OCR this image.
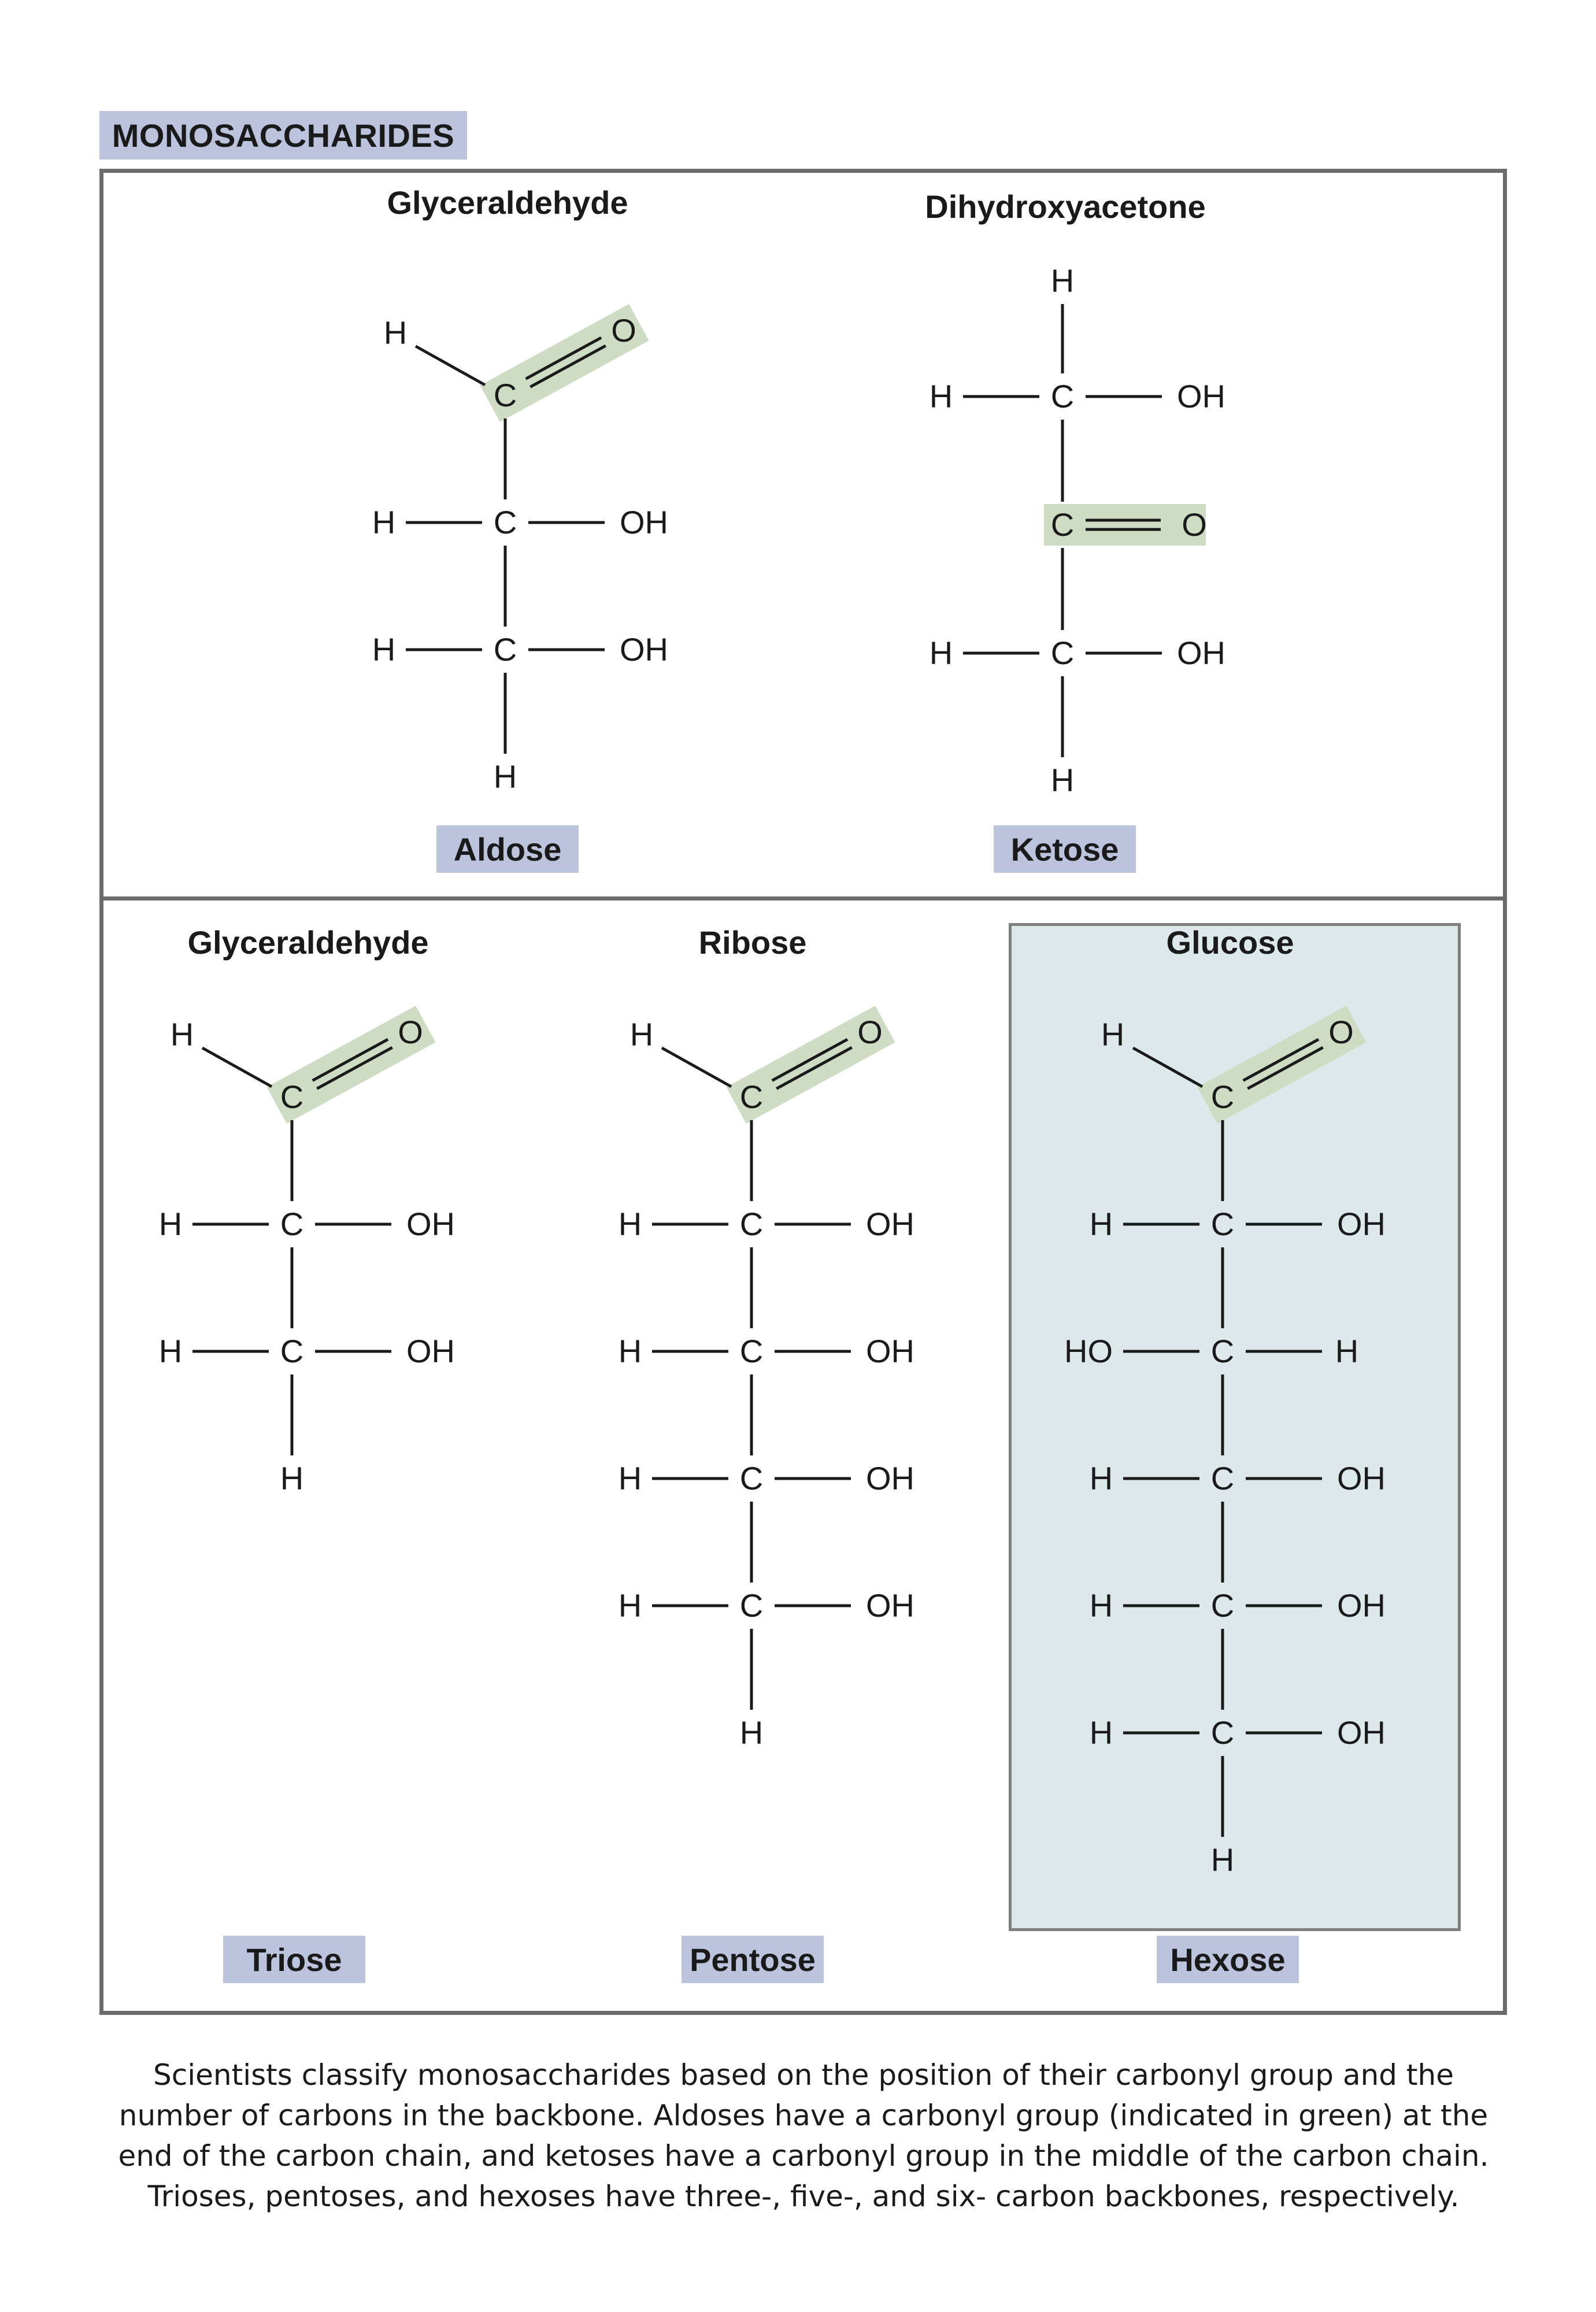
MONOSACCHARIDES
Glyceraldehyde	Dihydroxyacetone
Glyceraldehyde	Ribose	Glucose
Aldose	Ketose
Triose	Pentose	Hexose
H
C
O
C
H	OH
C
H	OH
H
H
C
O
C
H	OH
C
H	OH
H
H
C
O
C
H	OH
C
H	OH
C
H	OH
C
H	OH
H
H
C
O
C
H	OH
C
HO	H
C
H	OH
C
H	OH
C
H	OH
H
H
C
H	OH
C	O
C
H	OH
H
Scientists classify monosaccharides based on the position of their carbonyl group and the number of carbons in the backbone. Aldoses have a carbonyl group (indicated in green) at the end of the carbon chain, and ketoses have a carbonyl group in the middle of the carbon chain. Trioses, pentoses, and hexoses have three-, five-, and six- carbon backbones, respectively.
